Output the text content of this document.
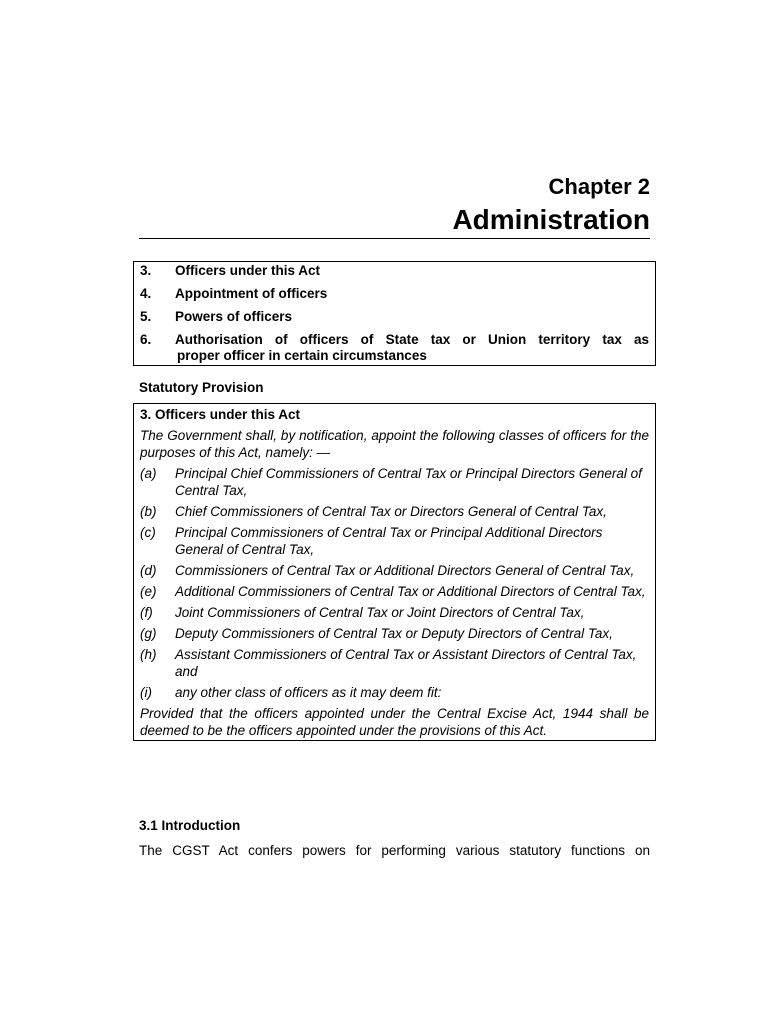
Chapter 2
Administration
3.	Officers under this Act
4.	Appointment of officers
5.	Powers of officers
6.	Authorisation of officers of State tax or Union territory tax as
proper officer in certain circumstances
Statutory Provision
3. Officers under this Act
The Government shall, by notification, appoint the following classes of officers for the purposes of this Act, namely: —
(a)	Principal Chief Commissioners of Central Tax or Principal Directors General of Central Tax,
(b)	Chief Commissioners of Central Tax or Directors General of Central Tax,
(c)	Principal Commissioners of Central Tax or Principal Additional Directors General of Central Tax,
(d)	Commissioners of Central Tax or Additional Directors General of Central Tax,
(e)	Additional Commissioners of Central Tax or Additional Directors of Central Tax,
(f)	Joint Commissioners of Central Tax or Joint Directors of Central Tax,
(g)	Deputy Commissioners of Central Tax or Deputy Directors of Central Tax,
(h)	Assistant Commissioners of Central Tax or Assistant Directors of Central Tax, and
(i)	any other class of officers as it may deem fit:
Provided that the officers appointed under the Central Excise Act, 1944 shall be deemed to be the officers appointed under the provisions of this Act.
3.1 Introduction
The CGST Act confers powers for performing various statutory functions on
